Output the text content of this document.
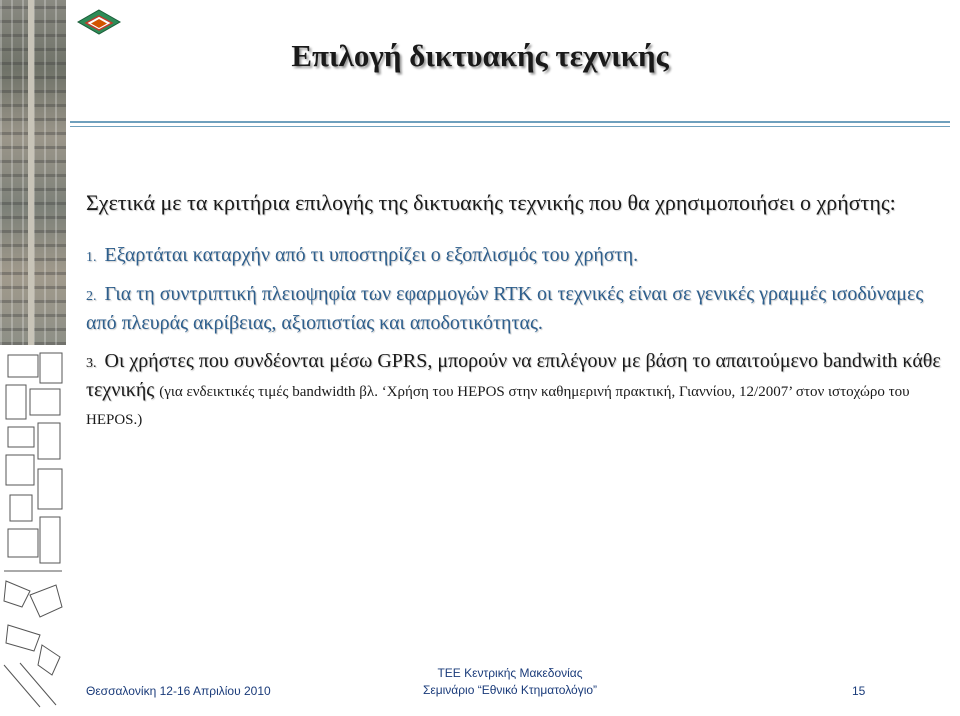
Επιλογή δικτυακής τεχνικής

Σχετικά με τα κριτήρια επιλογής της δικτυακής τεχνικής που θα χρησιμοποιήσει ο χρήστης:

1. Εξαρτάται καταρχήν από τι υποστηρίζει ο εξοπλισμός του χρήστη.

2. Για τη συντριπτική πλειοψηφία των εφαρμογών RTK οι τεχνικές είναι σε γενικές γραμμές ισοδύναμες από πλευράς ακρίβειας, αξιοπιστίας και αποδοτικότητας.

3. Οι χρήστες που συνδέονται μέσω GPRS, μπορούν να επιλέγουν με βάση το απαιτούμενο bandwith κάθε τεχνικής (για ενδεικτικές τιμές bandwidth βλ. ‘Χρήση του HEPOS στην καθημερινή πρακτική, Γιαννίου, 12/2007’ στον ιστοχώρο του HEPOS.)

Θεσσαλονίκη 12-16 Απριλίου 2010
ΤΕΕ Κεντρικής Μακεδονίας
Σεμινάριο “Εθνικό Κτηματολόγιο”	15
